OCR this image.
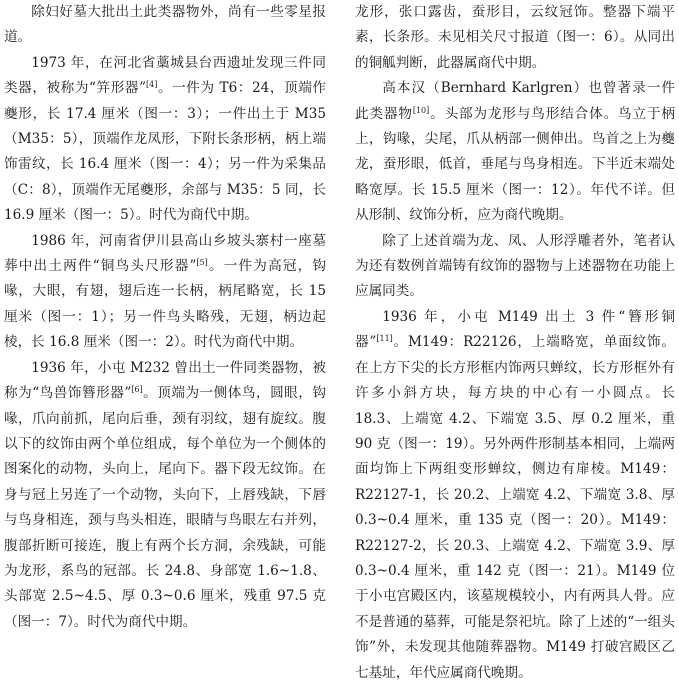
除妇好墓大批出土此类器物外，尚有一些零星报道。

1973 年，在河北省藁城县台西遗址发现三件同类器，被称为“笄形器”[4]。一件为 T6：24，顶端作夔形，长 17.4 厘米（图一：3）；一件出土于 M35（M35：5），顶端作龙凤形，下附长条形柄，柄上端饰雷纹，长 16.4 厘米（图一：4）；另一件为采集品（C：8），顶端作无尾夔形，余部与 M35：5 同，长 16.9 厘米（图一：5）。时代为商代中期。

1986 年，河南省伊川县高山乡坡头寨村一座墓葬中出土两件“铜鸟头尺形器”[5]。一件为高冠，钩喙，大眼，有翅，翅后连一长柄，柄尾略宽，长 15 厘米（图一：1）；另一件鸟头略残，无翅，柄边起棱，长 16.8 厘米（图一：2）。时代为商代中期。

1936 年，小屯 M232 曾出土一件同类器物，被称为“鸟兽饰簪形器”[6]。顶端为一侧体鸟，圆眼，钩喙，爪向前抓，尾向后垂，颈有羽纹，翅有旋纹。腹以下的纹饰由两个单位组成，每个单位为一个侧体的图案化的动物，头向上，尾向下。器下段无纹饰。在身与冠上另连了一个动物，头向下，上唇残缺，下唇与鸟身相连，颈与鸟头相连，眼睛与鸟眼左右并列，腹部折断可接连，腹上有两个长方洞，余残缺，可能为龙形，系鸟的冠部。长 24.8、身部宽 1.6~1.8、头部宽 2.5~4.5、厚 0.3~0.6 厘米，残重 97.5 克（图一：7）。时代为商代中期。

龙形，张口露齿，蚕形目，云纹冠饰。整器下端平素，长条形。未见相关尺寸报道（图一：6）。从同出的铜觚判断，此器属商代中期。

高本汉（Bernhard Karlgren）也曾著录一件此类器物[10]。头部为龙形与鸟形结合体。鸟立于柄上，钩喙，尖尾，爪从柄部一侧伸出。鸟首之上为夔龙，蚕形眼，低首，垂尾与鸟身相连。下半近末端处略宽厚。长 15.5 厘米（图一：12）。年代不详。但从形制、纹饰分析，应为商代晚期。

除了上述首端为龙、凤、人形浮雕者外，笔者认为还有数例首端铸有纹饰的器物与上述器物在功能上应属同类。

1936 年，小屯 M149 出土 3 件“簪形铜器”[11]。M149：R22126，上端略宽，单面纹饰。在上方下尖的长方形框内饰两只蝉纹，长方形框外有许多小斜方块，每方块的中心有一小圆点。长 18.3、上端宽 4.2、下端宽 3.5、厚 0.2 厘米，重 90 克（图一：19）。另外两件形制基本相同，上端两面均饰上下两组变形蝉纹，侧边有扉棱。M149：R22127-1，长 20.2、上端宽 4.2、下端宽 3.8、厚 0.3~0.4 厘米，重 135 克（图一：20）。M149：R22127-2，长 20.3、上端宽 4.2、下端宽 3.9、厚 0.3~0.4 厘米，重 142 克（图一：21）。M149 位于小屯宫殿区内，该墓规模较小，内有两具人骨。应不是普通的墓葬，可能是祭祀坑。除了上述的“一组头饰”外，未发现其他随葬器物。M149 打破宫殿区乙七基址，年代应属商代晚期。
